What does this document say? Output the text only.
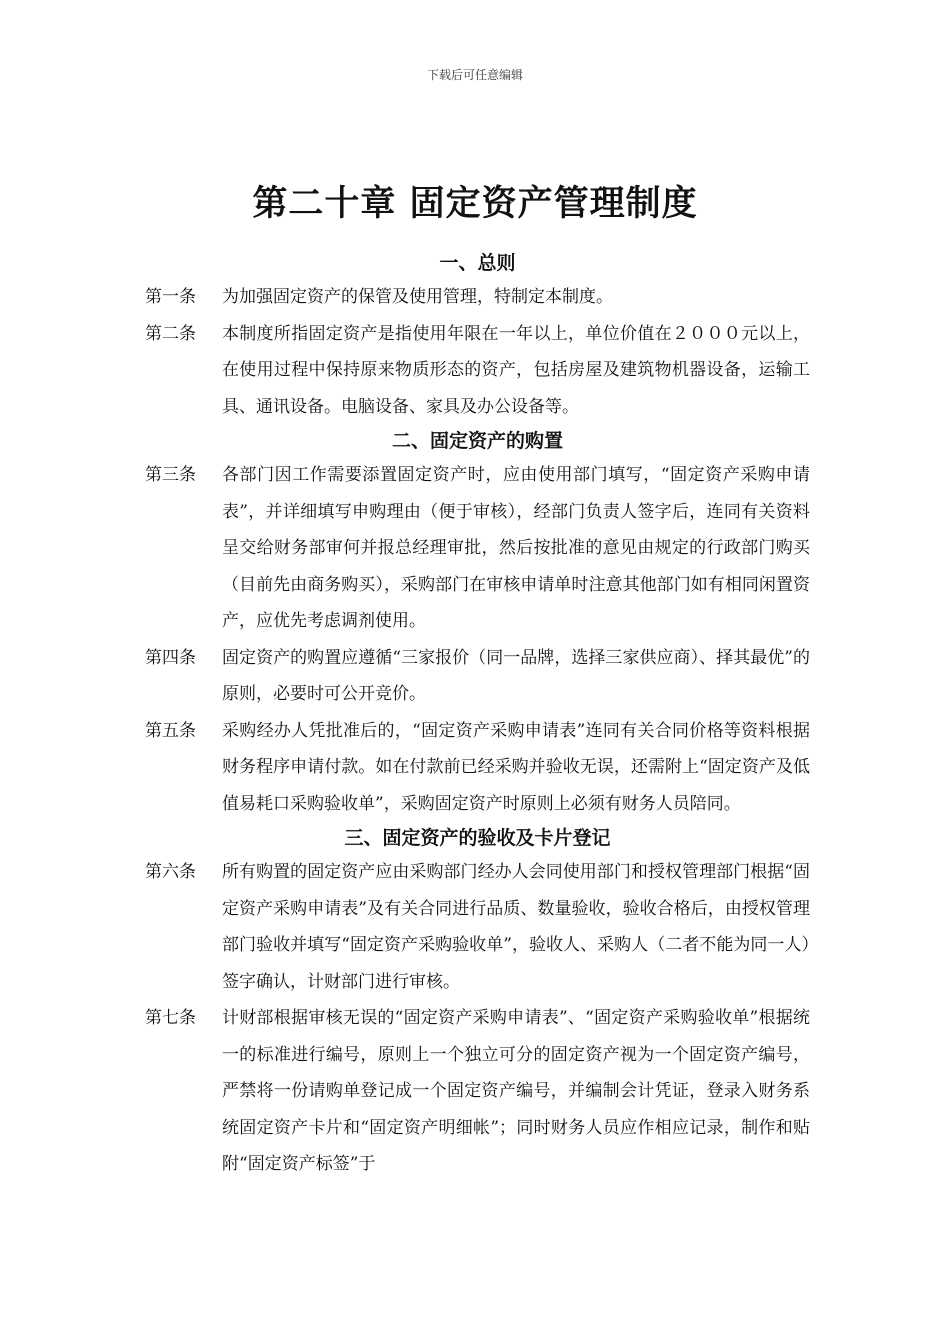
下载后可任意编辑
第二十章 固定资产管理制度
一、总则
第一条	为加强固定资产的保管及使用管理，特制定本制度。
第二条	本制度所指固定资产是指使用年限在一年以上，单位价值在２０００元以上，在使用过程中保持原来物质形态的资产，包括房屋及建筑物机器设备，运输工具、通讯设备。电脑设备、家具及办公设备等。
二、固定资产的购置
第三条	各部门因工作需要添置固定资产时，应由使用部门填写，“固定资产采购申请表”，并详细填写申购理由（便于审核），经部门负责人签字后，连同有关资料呈交给财务部审何并报总经理审批，然后按批准的意见由规定的行政部门购买（目前先由商务购买），采购部门在审核申请单时注意其他部门如有相同闲置资产，应优先考虑调剂使用。
第四条	固定资产的购置应遵循“三家报价（同一品牌，选择三家供应商）、择其最优”的原则，必要时可公开竞价。
第五条	采购经办人凭批准后的，“固定资产采购申请表”连同有关合同价格等资料根据财务程序申请付款。如在付款前已经采购并验收无误，还需附上“固定资产及低值易耗口采购验收单”，采购固定资产时原则上必须有财务人员陪同。
三、固定资产的验收及卡片登记
第六条	所有购置的固定资产应由采购部门经办人会同使用部门和授权管理部门根据“固定资产采购申请表”及有关合同进行品质、数量验收，验收合格后，由授权管理部门验收并填写“固定资产采购验收单”，验收人、采购人（二者不能为同一人）签字确认，计财部门进行审核。
第七条	计财部根据审核无误的“固定资产采购申请表”、“固定资产采购验收单”根据统一的标准进行编号，原则上一个独立可分的固定资产视为一个固定资产编号，严禁将一份请购单登记成一个固定资产编号，并编制会计凭证，登录入财务系统固定资产卡片和“固定资产明细帐”；同时财务人员应作相应记录，制作和贴附“固定资产标签”于
